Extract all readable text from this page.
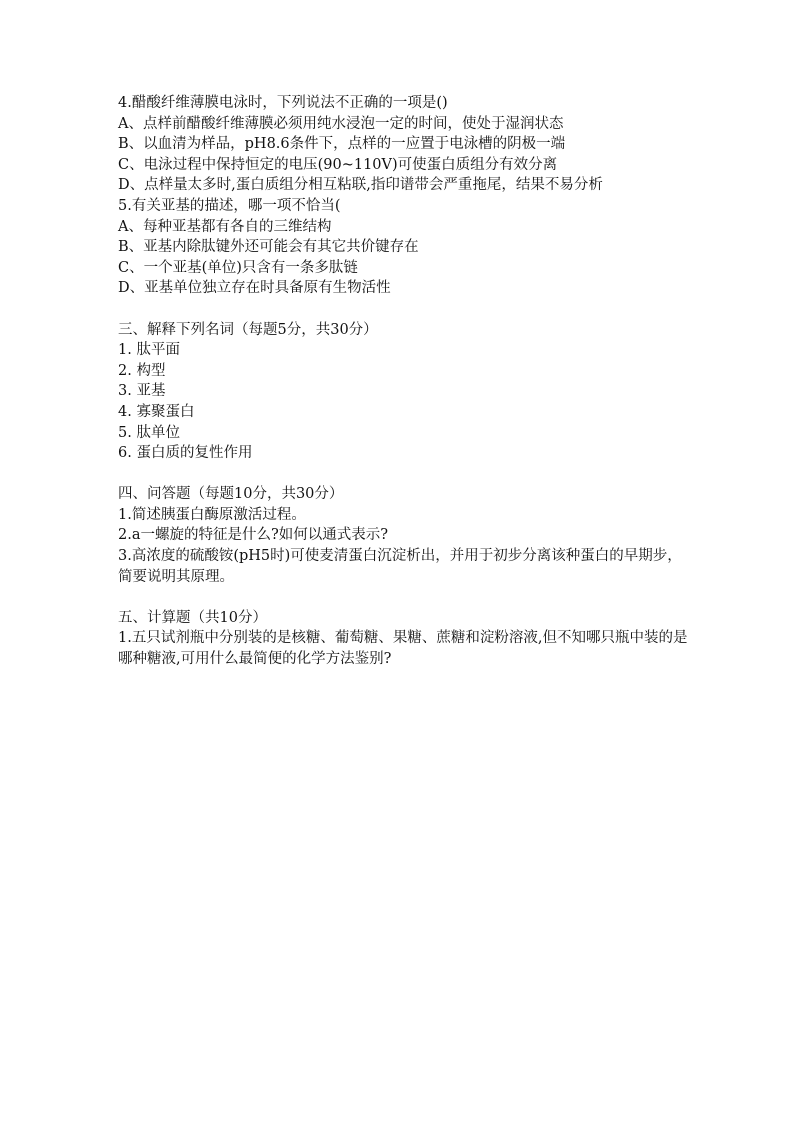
4.醋酸纤维薄膜电泳时，下列说法不正确的一项是()

A、点样前醋酸纤维薄膜必须用纯水浸泡一定的时间，使处于湿润状态

B、以血清为样品，pH8.6条件下，点样的一应置于电泳槽的阴极一端

C、电泳过程中保持恒定的电压(90~110V)可使蛋白质组分有效分离

D、点样量太多时,蛋白质组分相互粘联,指印谱带会严重拖尾，结果不易分析

5.有关亚基的描述，哪一项不恰当(

A、每种亚基都有各自的三维结构

B、亚基内除肽键外还可能会有其它共价键存在

C、一个亚基(单位)只含有一条多肽链

D、亚基单位独立存在时具备原有生物活性

三、解释下列名词（每题5分，共30分）

1. 肽平面

2. 构型

3. 亚基

4. 寡聚蛋白

5. 肽单位

6. 蛋白质的复性作用

四、问答题（每题10分，共30分）

1.简述胰蛋白酶原激活过程。

2.a一螺旋的特征是什么?如何以通式表示?

3.高浓度的硫酸铵(pH5时)可使麦清蛋白沉淀析出，并用于初步分离该种蛋白的早期步，简要说明其原理。

五、计算题（共10分）

1.五只试剂瓶中分别装的是核糖、葡萄糖、果糖、蔗糖和淀粉溶液,但不知哪只瓶中装的是哪种糖液,可用什么最简便的化学方法鉴别?
